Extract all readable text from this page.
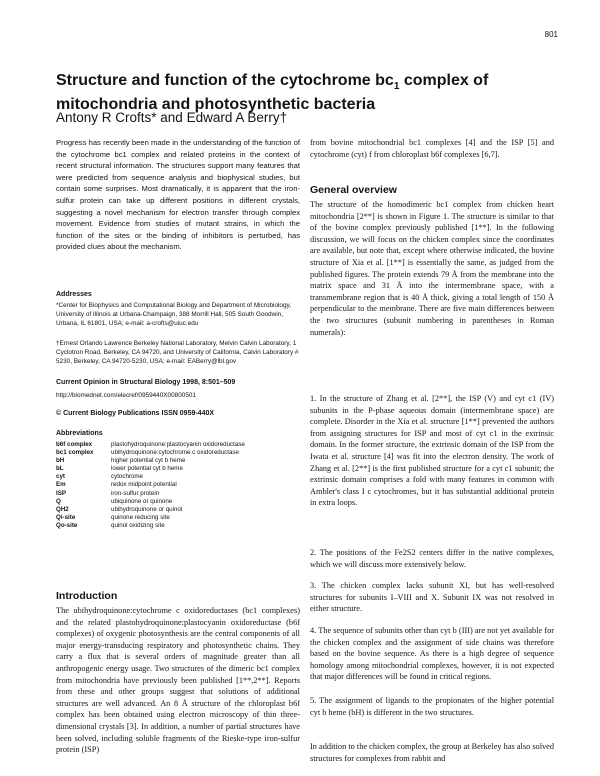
801
Structure and function of the cytochrome $bc_1$ complex of
mitochondria and photosynthetic bacteria
Antony R Crofts* and Edward A Berry†

Progress has recently been made in the understanding of the function of the cytochrome bc1 complex and related proteins in the context of recent structural information. The structures support many features that were predicted from sequence analysis and biophysical studies, but contain some surprises. Most dramatically, it is apparent that the iron-sulfur protein can take up different positions in different crystals, suggesting a novel mechanism for electron transfer through complex movement. Evidence from studies of mutant strains, in which the function of the sites or the binding of inhibitors is perturbed, has provided clues about the mechanism.

Addresses
*Center for Biophysics and Computational Biology and Department of Microbiology, University of Illinois at Urbana-Champaign, 388 Morrill Hall, 505 South Goodwin, Urbana, IL 61801, USA; e-mail: a-crofts@uiuc.edu
†Ernest Orlando Lawrence Berkeley National Laboratory, Melvin Calvin Laboratory, 1 Cyclotron Road, Berkeley, CA 94720, and University of California, Calvin Laboratory # 5230, Berkeley, CA 94720-5230, USA; e-mail: EABerry@lbl.gov
Current Opinion in Structural Biology 1998, 8:501–509
http://biomednet.com/elecref/0959440X00800501
© Current Biology Publications ISSN 0959-440X
Abbreviations
b6f complex	plastohydroquinone:plastocyanin oxidoreductase
bc1 complex	ubihydroquinone:cytochrome c oxidoreductase
bH	higher potential cyt b heme
bL	lower potential cyt b heme
cyt	cytochrome
Em	redox midpoint potential
ISP	iron-sulfur protein
Q	ubiquinone or quinone
QH2	ubihydroquinone or quinol
Qi-site	quinone reducing site
Qo-site	quinol oxidizing site
Introduction

The ubihydroquinone:cytochrome c oxidoreductases (bc1 complexes) and the related plastohydroquinone:plastocyanin oxidoreductase (b6f complexes) of oxygenic photosynthesis are the central components of all major energy-transducing respiratory and photosynthetic chains. They carry a flux that is several orders of magnitude greater than all anthropogenic energy usage. Two structures of the dimeric bc1 complex from mitochondria have previously been published [1**,2**]. Reports from these and other groups suggest that solutions of additional structures are well advanced. An 8 Å structure of the chloroplast b6f complex has been obtained using electron microscopy of thin three-dimensional crystals [3]. In addition, a number of partial structures have been solved, including soluble fragments of the Rieske-type iron-sulfur protein (ISP)

from bovine mitochondrial bc1 complexes [4] and the ISP [5] and cytochrome (cyt) f from chloroplast b6f complexes [6,7].

General overview

The structure of the homodimeric bc1 complex from chicken heart mitochondria [2**] is shown in Figure 1. The structure is similar to that of the bovine complex previously published [1**]. In the following discussion, we will focus on the chicken complex since the coordinates are available, but note that, except where otherwise indicated, the bovine structure of Xia et al. [1**] is essentially the same, as judged from the published figures. The protein extends 79 Å from the membrane into the matrix space and 31 Å into the intermembrane space, with a transmembrane region that is 40 Å thick, giving a total length of 150 Å perpendicular to the membrane. There are five main differences between the two structures (subunit numbering in parentheses in Roman numerals):

1. In the structure of Zhang et al. [2**], the ISP (V) and cyt c1 (IV) subunits in the P-phase aqueous domain (intermembrane space) are complete. Disorder in the Xia et al. structure [1**] prevented the authors from assigning structures for ISP and most of cyt c1 in the extrinsic domain. In the former structure, the extrinsic domain of the ISP from the Iwata et al. structure [4] was fit into the electron density. The work of Zhang et al. [2**] is the first published structure for a cyt c1 subunit; the extrinsic domain comprises a fold with many features in common with Ambler's class I c cytochromes, but it has substantial additional protein in extra loops.

2. The positions of the Fe2S2 centers differ in the native complexes, which we will discuss more extensively below.

3. The chicken complex lacks subunit XI, but has well-resolved structures for subunits I–VIII and X. Subunit IX was not resolved in either structure.

4. The sequence of subunits other than cyt b (III) are not yet available for the chicken complex and the assignment of side chains was therefore based on the bovine sequence. As there is a high degree of sequence homology among mitochondrial complexes, however, it is not expected that major differences will be found in critical regions.

5. The assignment of ligands to the propionates of the higher potential cyt b heme (bH) is different in the two structures.

In addition to the chicken complex, the group at Berkeley has also solved structures for complexes from rabbit and
